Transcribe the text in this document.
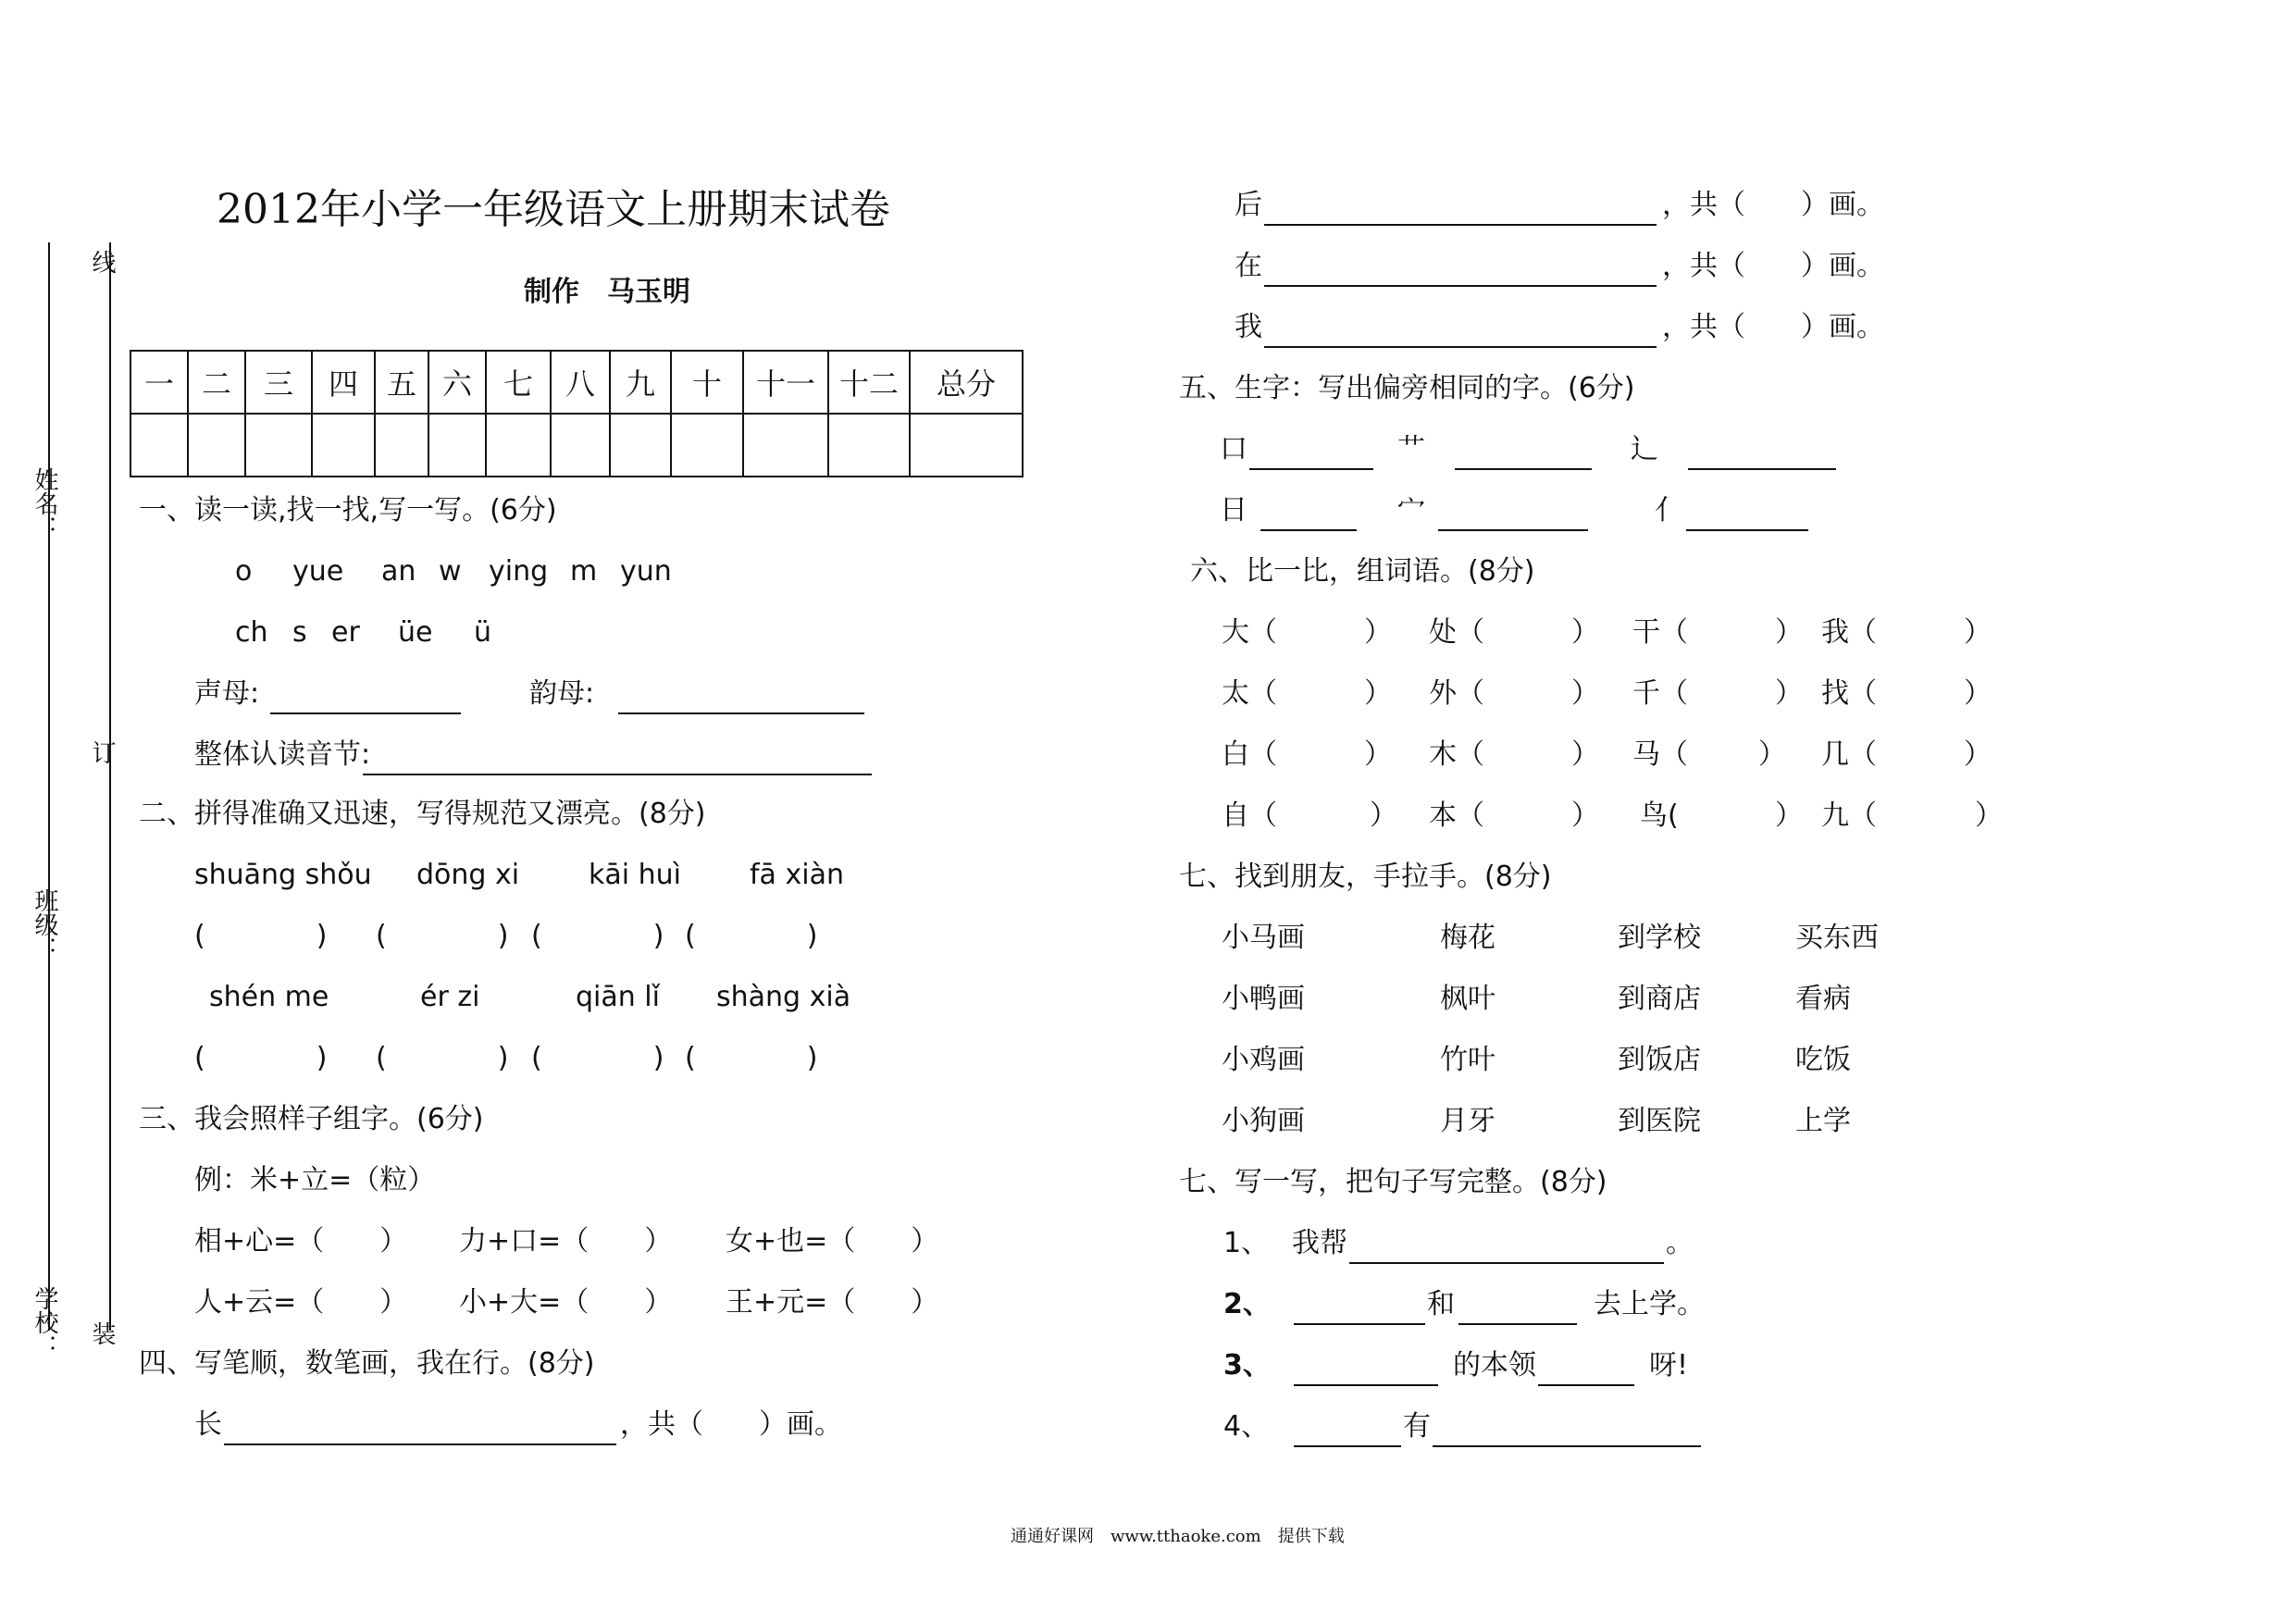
线
订
装
姓名：
班级：
学校：
2012年小学一年级语文上册期末试卷
制作　马玉明
一	二	三	四	五	六	七	八	九	十	十一	十二	总分

一、读一读,找一找,写一写。(6分)
o yue an w ying m yun
ch s er üe ü
声母:	韵母:
整体认读音节:
二、拼得准确又迅速，写得规范又漂亮。(8分)
shuāng shǒu dōng xi kāi huì fā xiàn
(　　　　) (　　　　) (　　　　) (　　　　)
shén me	ér zi	qiān lǐ shàng xià
(　　　　) (　　　　) (　　　　) (　　　　)
三、我会照样子组字。(6分)
例：米+立=（粒）
相+心=（　　） 力+口=（　　） 女+也=（　　）
人+云=（　　） 小+大=（　　） 王+元=（　　）
四、写笔顺，数笔画，我在行。(8分)
长	，共（　　）画。
后	，共（　　）画。
在	，共（　　）画。
我	，共（　　）画。
五、生字：写出偏旁相同的字。(6分)
口	艹	辶
日	宀	亻
六、比一比，组词语。(8分)
大（	） 处（	） 干（	） 我（	）
太（	） 外（	） 千（	） 找（	）
白（	） 木（	） 马（	） 几（	）
自（	） 本（	） 鸟(	） 九（	）
七、找到朋友，手拉手。(8分)
小马画	梅花	到学校	买东西
小鸭画	枫叶	到商店	看病
小鸡画	竹叶	到饭店	吃饭
小狗画	月牙	到医院	上学
七、写一写，把句子写完整。(8分)
1、 我帮	。
2、	和	去上学。
3、	的本领	呀!
4、	有
通通好课网　www.tthaoke.com　提供下载
